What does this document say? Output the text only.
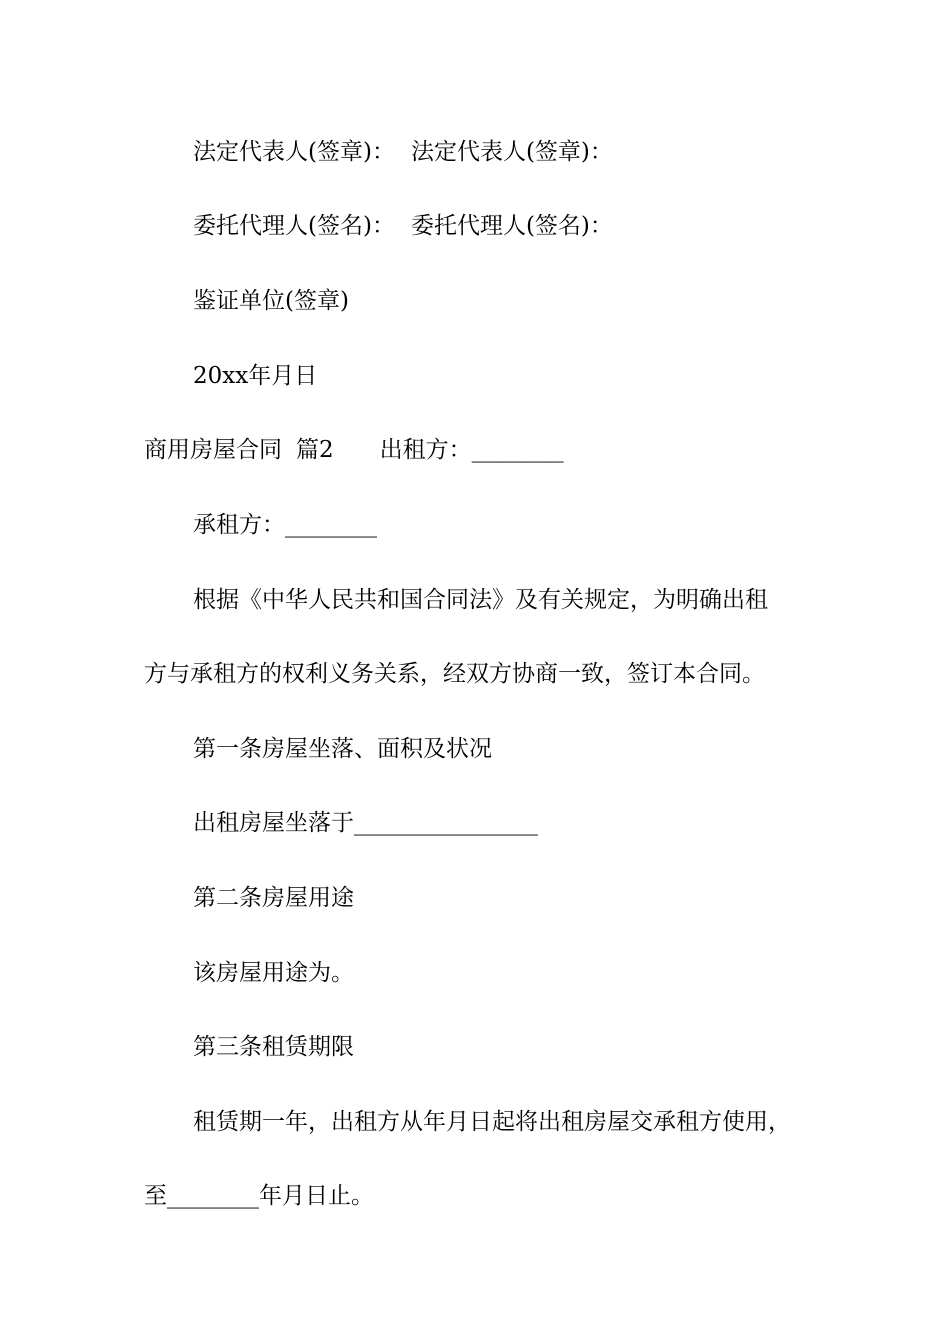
法定代表人(签章)： 法定代表人(签章)：
委托代理人(签名)： 委托代理人(签名)：
鉴证单位(签章)
20xx年月日
商用房屋合同 篇2 出租方：________
承租方：________
根据《中华人民共和国合同法》及有关规定，为明确出租
方与承租方的权利义务关系，经双方协商一致，签订本合同。
第一条房屋坐落、面积及状况
出租房屋坐落于________________
第二条房屋用途
该房屋用途为。
第三条租赁期限
租赁期一年，出租方从年月日起将出租房屋交承租方使用，
至________年月日止。
